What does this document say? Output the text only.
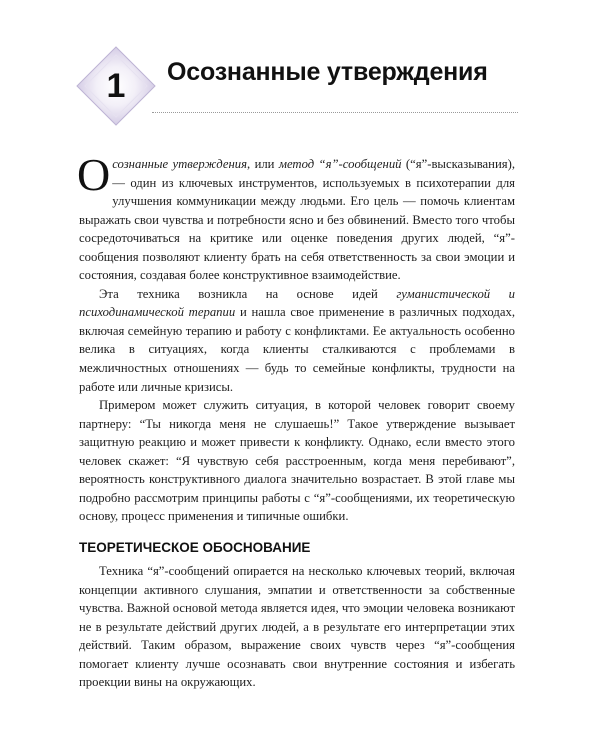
1	Осознанные утверждения

Осознанные утверждения, или метод “я”-сообщений (“я”-высказывания), — один из ключевых инструментов, используемых в психотерапии для улучшения коммуникации между людьми. Его цель — помочь клиентам выражать свои чувства и потребности ясно и без обвинений. Вместо того чтобы сосредоточиваться на критике или оценке поведения других людей, “я”-сообщения позволяют клиенту брать на себя ответственность за свои эмоции и состояния, создавая более конструктивное взаимодействие.

Эта техника возникла на основе идей гуманистической и психодинамической терапии и нашла свое применение в различных подходах, включая семейную терапию и работу с конфликтами. Ее актуальность особенно велика в ситуациях, когда клиенты сталкиваются с проблемами в межличностных отношениях — будь то семейные конфликты, трудности на работе или личные кризисы.

Примером может служить ситуация, в которой человек говорит своему партнеру: “Ты никогда меня не слушаешь!” Такое утверждение вызывает защитную реакцию и может привести к конфликту. Однако, если вместо этого человек скажет: “Я чувствую себя расстроенным, когда меня перебивают”, вероятность конструктивного диалога значительно возрастает. В этой главе мы подробно рассмотрим принципы работы с “я”-сообщениями, их теоретическую основу, процесс применения и типичные ошибки.

ТЕОРЕТИЧЕСКОЕ ОБОСНОВАНИЕ

Техника “я”-сообщений опирается на несколько ключевых теорий, включая концепции активного слушания, эмпатии и ответственности за собственные чувства. Важной основой метода является идея, что эмоции человека возникают не в результате действий других людей, а в результате его интерпретации этих действий. Таким образом, выражение своих чувств через “я”-сообщения помогает клиенту лучше осознавать свои внутренние состояния и избегать проекции вины на окружающих.
